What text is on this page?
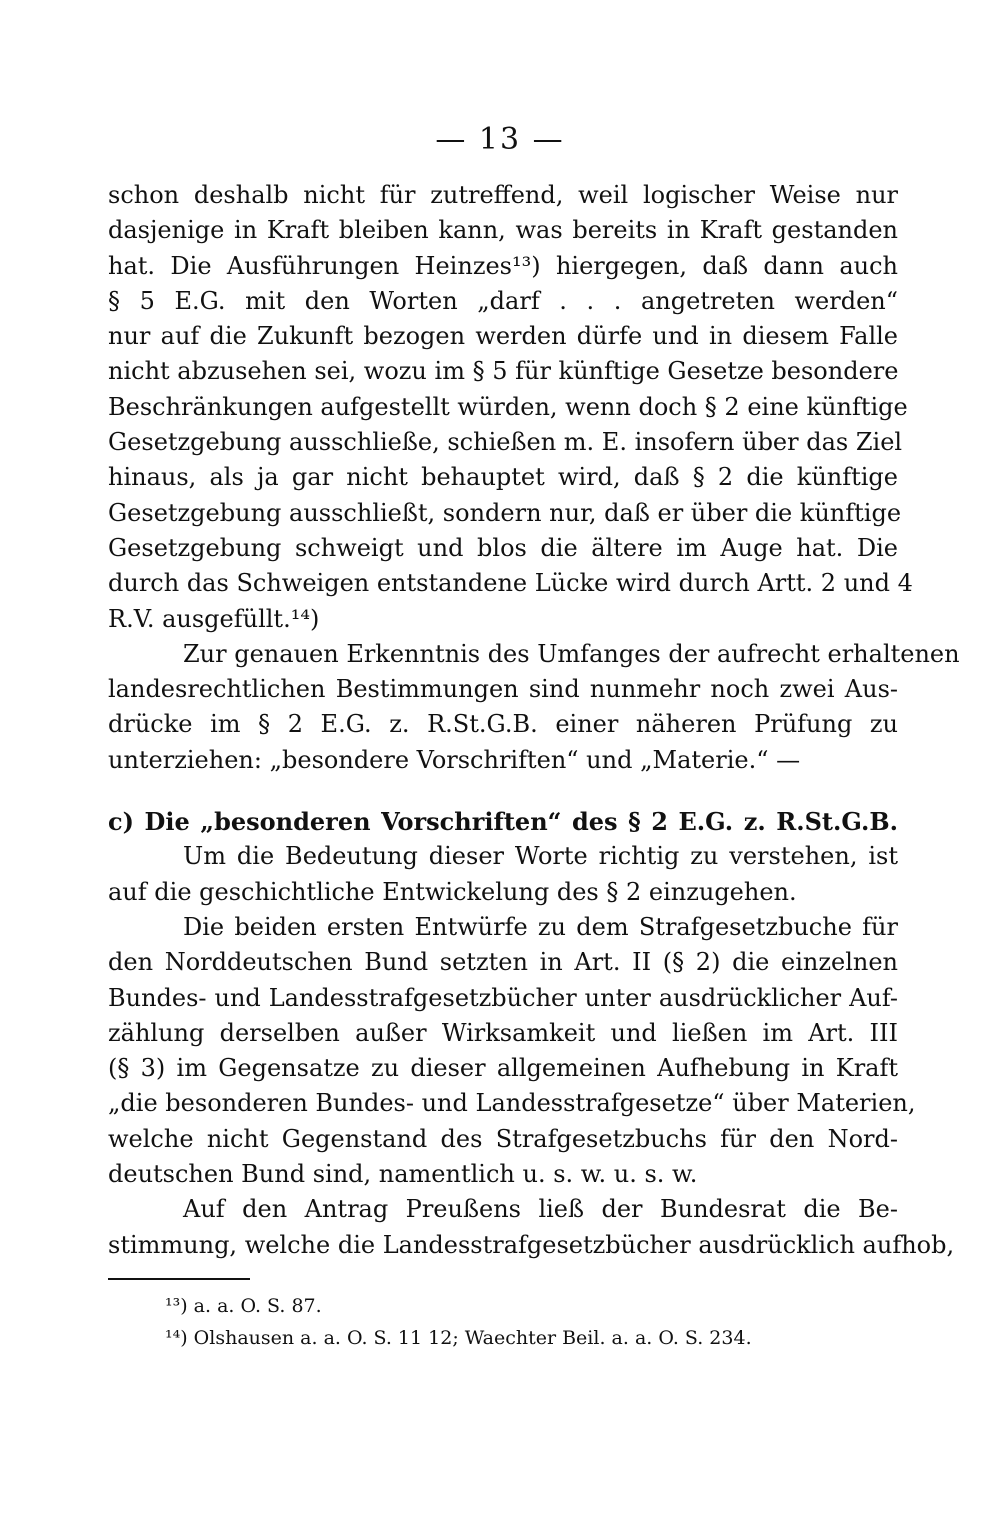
— 13 —
schon deshalb nicht für zutreffend, weil logischer Weise nur
dasjenige in Kraft bleiben kann, was bereits in Kraft gestanden
hat. Die Ausführungen Heinzes¹³) hiergegen, daß dann auch
§ 5 E.G. mit den Worten „darf . . . angetreten werden“
nur auf die Zukunft bezogen werden dürfe und in diesem Falle
nicht abzusehen sei, wozu im § 5 für künftige Gesetze besondere
Beschränkungen aufgestellt würden, wenn doch § 2 eine künftige
Gesetzgebung ausschließe, schießen m. E. insofern über das Ziel
hinaus, als ja gar nicht behauptet wird, daß § 2 die künftige
Gesetzgebung ausschließt, sondern nur, daß er über die künftige
Gesetzgebung schweigt und blos die ältere im Auge hat. Die
durch das Schweigen entstandene Lücke wird durch Artt. 2 und 4
R.V. ausgefüllt.¹⁴)
Zur genauen Erkenntnis des Umfanges der aufrecht erhaltenen
landesrechtlichen Bestimmungen sind nunmehr noch zwei Aus-
drücke im § 2 E.G. z. R.St.G.B. einer näheren Prüfung zu
unterziehen: „besondere Vorschriften“ und „Materie.“ —
c) Die „besonderen Vorschriften“ des § 2 E.G. z. R.St.G.B.
Um die Bedeutung dieser Worte richtig zu verstehen, ist
auf die geschichtliche Entwickelung des § 2 einzugehen.
Die beiden ersten Entwürfe zu dem Strafgesetzbuche für
den Norddeutschen Bund setzten in Art. II (§ 2) die einzelnen
Bundes- und Landesstrafgesetzbücher unter ausdrücklicher Auf-
zählung derselben außer Wirksamkeit und ließen im Art. III
(§ 3) im Gegensatze zu dieser allgemeinen Aufhebung in Kraft
„die besonderen Bundes- und Landesstrafgesetze“ über Materien,
welche nicht Gegenstand des Strafgesetzbuchs für den Nord-
deutschen Bund sind, namentlich u. s. w. u. s. w.
Auf den Antrag Preußens ließ der Bundesrat die Be-
stimmung, welche die Landesstrafgesetzbücher ausdrücklich aufhob,
¹³) a. a. O. S. 87.
¹⁴) Olshausen a. a. O. S. 11 12; Waechter Beil. a. a. O. S. 234.
